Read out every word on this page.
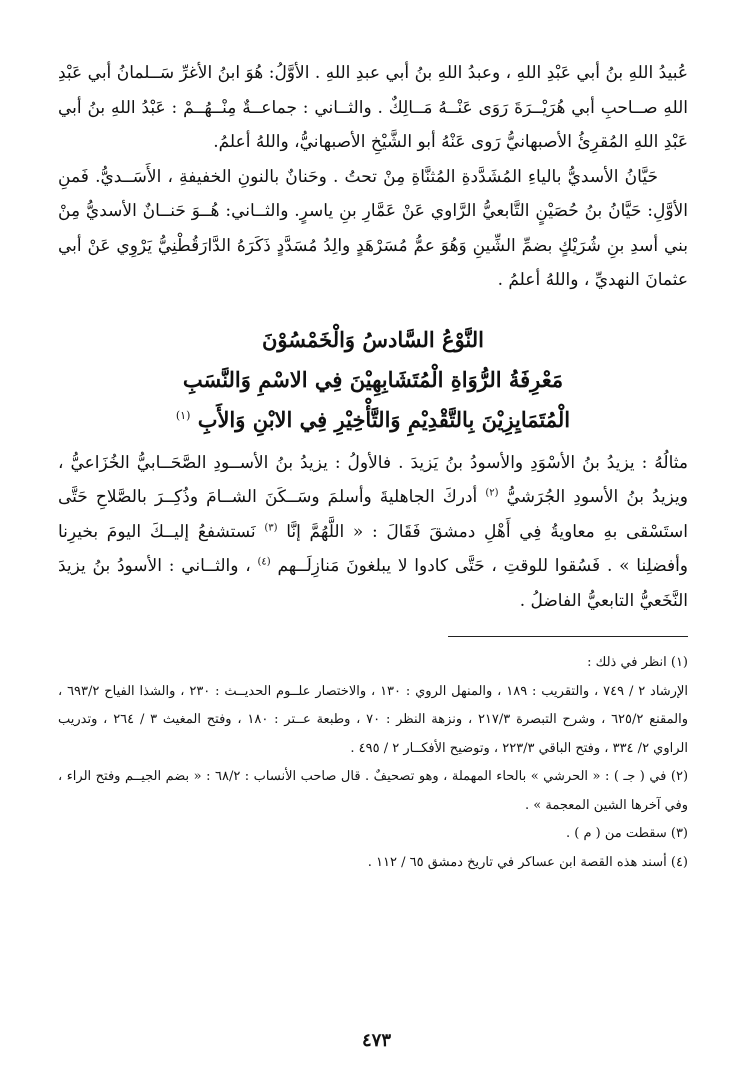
عُبيدُ اللهِ بنُ أبي عَبْدِ اللهِ ، وعبدُ اللهِ بنُ أبي عبدِ اللهِ . الأوَّلُ: هُوَ ابنُ الأغرِّ سَــلمانُ أبي عَبْدِ اللهِ صــاحبِ أبي هُرَيْــرَةَ رَوَى عَنْــهُ مَــالِكٌ . والثــاني : جماعــةٌ مِنْــهُــمْ : عَبْدُ اللهِ بنُ أبي عَبْدِ اللهِ المُقرِئُ الأصبهانيُّ رَوى عَنْهُ أبو الشَّيْخِ الأصبهانيُّ، واللهُ أعلمُ.

حَيَّانُ الأسديُّ بالياءِ المُشَدَّدةِ المُثنَّاةِ مِنْ تحتُ . وحَنانٌ بالنونِ الخفيفةِ ، الأَسَــديُّ. فَمنِ الأوَّلِ: حَيَّانُ بنُ حُصَيْنٍ التَّابعيُّ الرَّاوي عَنْ عَمَّارِ بنِ ياسرٍ. والثــاني: هُــوَ حَنــانٌ الأسديُّ مِنْ بني أسدِ بنِ شُرَيْكٍ بضمِّ الشِّينِ وَهُوَ عمُّ مُسَرْهَدٍ والِدُ مُسَدَّدٍ ذَكَرَهُ الدَّارَقُطْنِيُّ يَرْوِي عَنْ أبي عثمانَ النهديِّ ، واللهُ أعلمُ .

النَّوْعُ السَّادسُ وَالْخَمْسُوْنَ
مَعْرِفَةُ الرُّوَاةِ الْمُتَشَابِهِيْنَ فِي الاسْمِ وَالنَّسَبِ
الْمُتَمَايِزِيْنَ بِالتَّقْدِيْمِ وَالتَّأْخِيْرِ فِي الابْنِ وَالأَبِ $^{(١)}$

مثالُهُ : يزيدُ بنُ الأسْوَدِ والأسودُ بنُ يَزيدَ . فالأولُ : يزيدُ بنُ الأســودِ الصَّحَــابيُّ الخُزَاعيُّ ، ويزيدُ بنُ الأسودِ الجُرَشيُّ $^{(٢)}$ أدركَ الجاهليةَ وأسلمَ وسَــكَنَ الشــامَ وذُكِــرَ بالصَّلاحِ حَتَّى استَسْقى بهِ معاويةُ فِي أَهْلِ دمشقَ فَقَالَ : « اللَّهُمَّ إنَّا $^{(٣)}$ نَستشفعُ إليــكَ اليومَ بخيرِنا وأفضلِنا » . فَسُقوا للوقتِ ، حَتَّى كادوا لا يبلغونَ مَنازِلَــهم $^{(٤)}$ ، والثــاني : الأسودُ بنُ يزيدَ النَّخَعيُّ التابعيُّ الفاضلُ .

(١) انظر في ذلك :

الإرشاد ٢ / ٧٤٩ ، والتقريب : ١٨٩ ، والمنهل الروي : ١٣٠ ، والاختصار علــوم الحديــث : ٢٣٠ ، والشذا الفياح ٦٩٣/٢ ، والمقنع ٦٢٥/٢ ، وشرح التبصرة ٢١٧/٣ ، ونزهة النظر : ٧٠ ، وطبعة عــتر : ١٨٠ ، وفتح المغيث ٣ / ٢٦٤ ، وتدريب الراوي ٢/ ٣٣٤ ، وفتح الباقي ٢٢٣/٣ ، وتوضيح الأفكــار ٢ / ٤٩٥ .

(٢) في ( جـ ) : « الحرشي » بالحاء المهملة ، وهو تصحيفٌ . قال صاحب الأنساب : ٦٨/٢ : « بضم الجيــم وفتح الراء ، وفي آخرها الشين المعجمة » .

(٣) سقطت من ( م ) .

(٤) أسند هذه القصة ابن عساكر في تاريخ دمشق ٦٥ / ١١٢ .

٤٧٣
